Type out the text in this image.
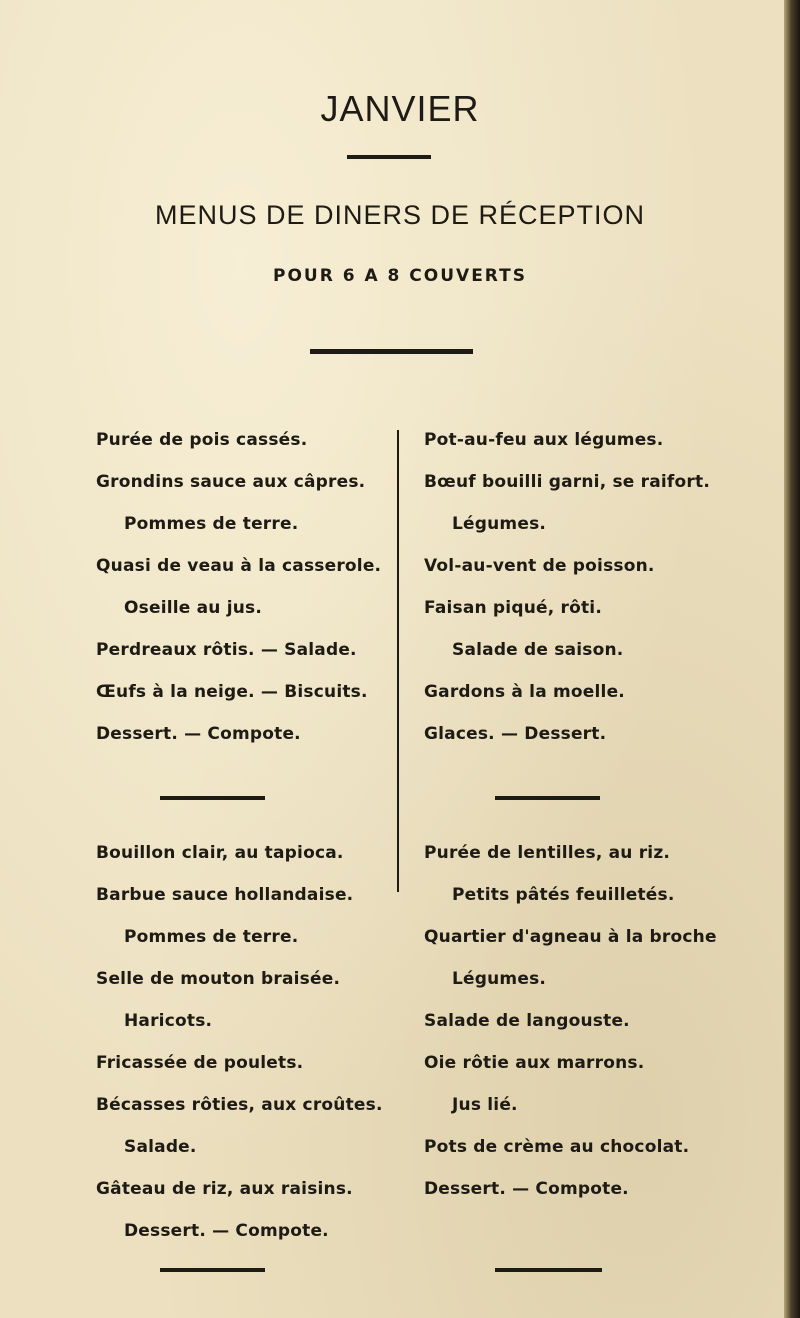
JANVIER
MENUS DE DINERS DE RÉCEPTION
POUR 6 A 8 COUVERTS
Purée de pois cassés.
Grondins sauce aux câpres.
Pommes de terre.
Quasi de veau à la casserole.
Oseille au jus.
Perdreaux rôtis. — Salade.
Œufs à la neige. — Biscuits.
Dessert. — Compote.
Pot-au-feu aux légumes.
Bœuf bouilli garni, se raifort.
Légumes.
Vol-au-vent de poisson.
Faisan piqué, rôti.
Salade de saison.
Gardons à la moelle.
Glaces. — Dessert.
Bouillon clair, au tapioca.
Barbue sauce hollandaise.
Pommes de terre.
Selle de mouton braisée.
Haricots.
Fricassée de poulets.
Bécasses rôties, aux croûtes.
Salade.
Gâteau de riz, aux raisins.
Dessert. — Compote.
Purée de lentilles, au riz.
Petits pâtés feuilletés.
Quartier d'agneau à la broche
Légumes.
Salade de langouste.
Oie rôtie aux marrons.
Jus lié.
Pots de crème au chocolat.
Dessert. — Compote.
